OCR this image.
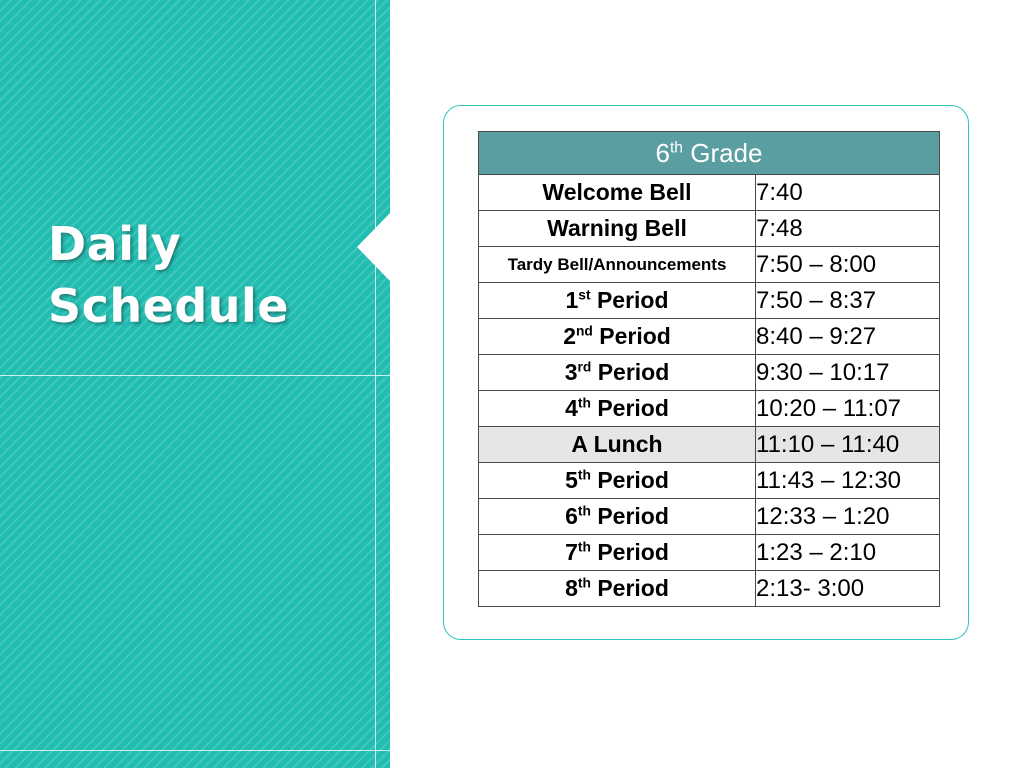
Daily
Schedule
6th Grade	
Welcome Bell	7:40
Warning Bell	7:48
Tardy Bell/Announcements	7:50 – 8:00
1st Period	7:50 – 8:37
2nd Period	8:40 – 9:27
3rd Period	9:30 – 10:17
4th Period	10:20 – 11:07
A Lunch	11:10 – 11:40
5th Period	11:43 – 12:30
6th Period	12:33 – 1:20
7th Period	1:23 – 2:10
8th Period	2:13- 3:00
